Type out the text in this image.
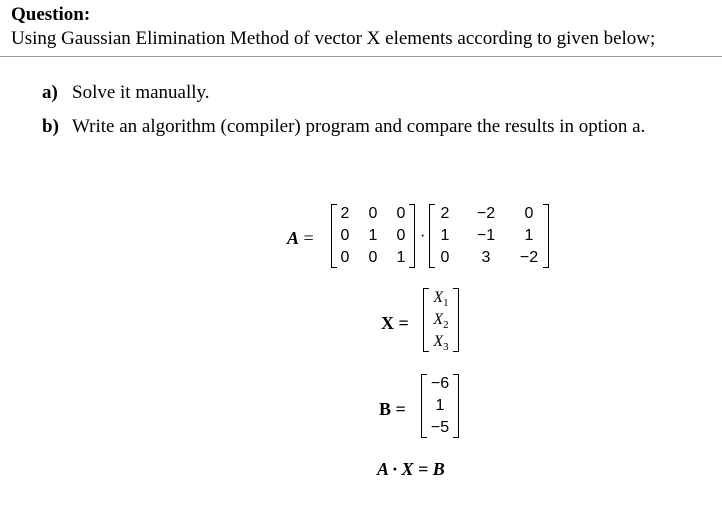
Question:
Using Gaussian Elimination Method of vector X elements according to given below;
a) Solve it manually.
b) Write an algorithm (compiler) program and compare the results in option a.
A =
2	0	0
0	1	0
0	0	1
·
2	−2	0
1	−1	1
0	3	−2
X =
$X_1$
$X_2$
$X_3$
B =
−6
1
−5
A · X = B
